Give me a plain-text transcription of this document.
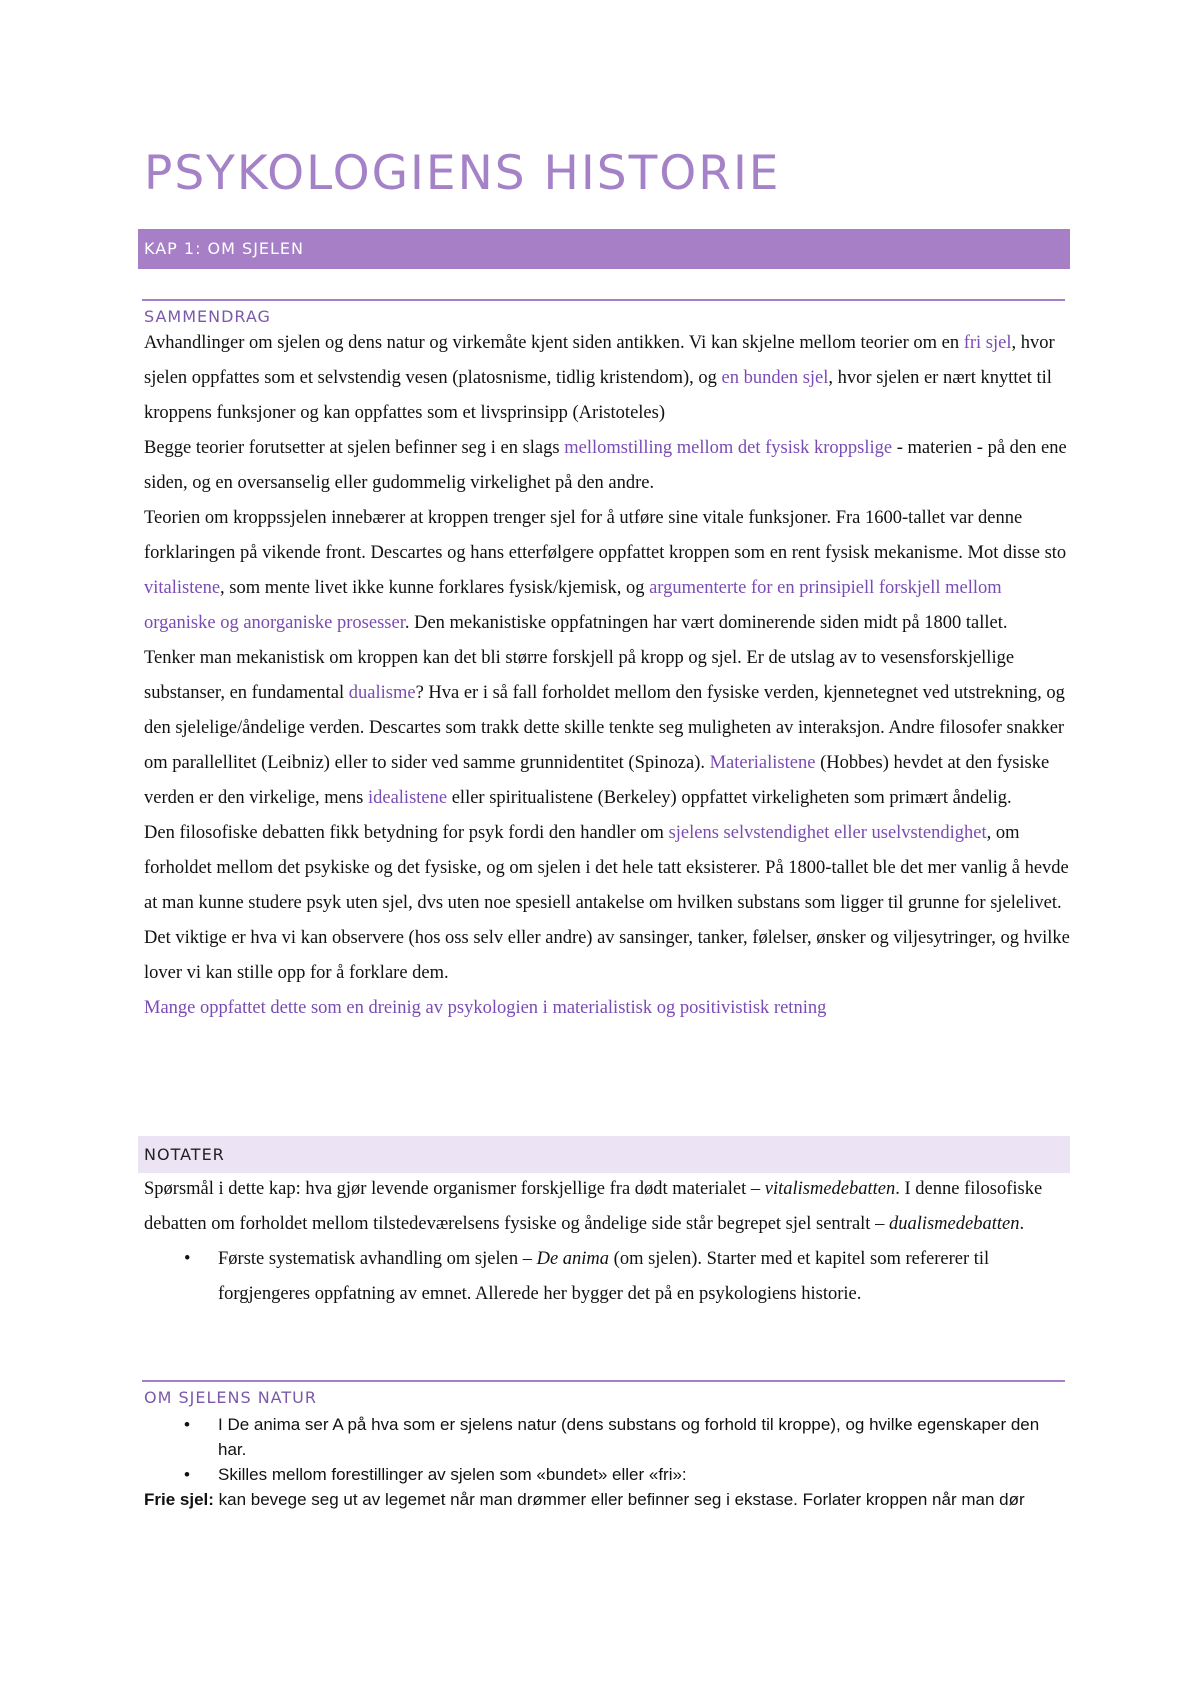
PSYKOLOGIENS HISTORIE
KAP 1: OM SJELEN
SAMMENDRAG

Avhandlinger om sjelen og dens natur og virkemåte kjent siden antikken. Vi kan skjelne mellom teorier om en fri sjel, hvor sjelen oppfattes som et selvstendig vesen (platosnisme, tidlig kristendom), og en bunden sjel, hvor sjelen er nært knyttet til kroppens funksjoner og kan oppfattes som et livsprinsipp (Aristoteles)

Begge teorier forutsetter at sjelen befinner seg i en slags mellomstilling mellom det fysisk kroppslige - materien - på den ene siden, og en oversanselig eller gudommelig virkelighet på den andre.

Teorien om kroppssjelen innebærer at kroppen trenger sjel for å utføre sine vitale funksjoner. Fra 1600-tallet var denne forklaringen på vikende front. Descartes og hans etterfølgere oppfattet kroppen som en rent fysisk mekanisme. Mot disse sto vitalistene, som mente livet ikke kunne forklares fysisk/kjemisk, og argumenterte for en prinsipiell forskjell mellom organiske og anorganiske prosesser. Den mekanistiske oppfatningen har vært dominerende siden midt på 1800 tallet.

Tenker man mekanistisk om kroppen kan det bli større forskjell på kropp og sjel. Er de utslag av to vesensforskjellige substanser, en fundamental dualisme? Hva er i så fall forholdet mellom den fysiske verden, kjennetegnet ved utstrekning, og den sjelelige/åndelige verden. Descartes som trakk dette skille tenkte seg muligheten av interaksjon. Andre filosofer snakker om parallellitet (Leibniz) eller to sider ved samme grunnidentitet (Spinoza). Materialistene (Hobbes) hevdet at den fysiske verden er den virkelige, mens idealistene eller spiritualistene (Berkeley) oppfattet virkeligheten som primært åndelig.

Den filosofiske debatten fikk betydning for psyk fordi den handler om sjelens selvstendighet eller uselvstendighet, om forholdet mellom det psykiske og det fysiske, og om sjelen i det hele tatt eksisterer. På 1800-tallet ble det mer vanlig å hevde at man kunne studere psyk uten sjel, dvs uten noe spesiell antakelse om hvilken substans som ligger til grunne for sjelelivet. Det viktige er hva vi kan observere (hos oss selv eller andre) av sansinger, tanker, følelser, ønsker og viljesytringer, og hvilke lover vi kan stille opp for å forklare dem.

Mange oppfattet dette som en dreinig av psykologien i materialistisk og positivistisk retning

NOTATER

Spørsmål i dette kap: hva gjør levende organismer forskjellige fra dødt materialet – vitalismedebatten. I denne filosofiske debatten om forholdet mellom tilstedeværelsens fysiske og åndelige side står begrepet sjel sentralt – dualismedebatten.

• Første systematisk avhandling om sjelen – De anima (om sjelen). Starter med et kapitel som refererer til forgjengeres oppfatning av emnet. Allerede her bygger det på en psykologiens historie.
OM SJELENS NATUR
• I De anima ser A på hva som er sjelens natur (dens substans og forhold til kroppe), og hvilke egenskaper den har.
• Skilles mellom forestillinger av sjelen som «bundet» eller «fri»:

Frie sjel: kan bevege seg ut av legemet når man drømmer eller befinner seg i ekstase. Forlater kroppen når man dør
